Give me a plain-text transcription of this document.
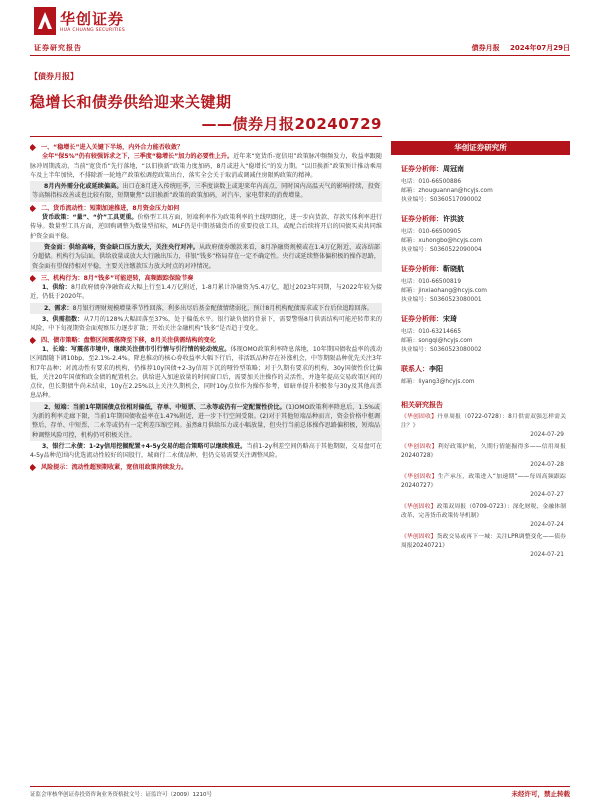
华创证券
HUA CHUANG SECURITIES
证券研究报告	债券月报 2024年07月29日
【债券月报】
稳增长和债券供给迎来关键期
——债券月报20240729
一、“稳增长”进入关键下半场，内外合力能否收敛？
全年“保5%”仍有较强诉求之下，三季度“稳增长”加力的必要性上升。近年来“宽货币-宽信用”政策脉冲频频发力，收益率跟随脉冲周期波动，当前“宽货币”先行落地，“以旧换新”政策力度加码，8月或进入“稳增长”的发力期。“以旧换新”政策预计推动乘用车及上半年加快，不排除新一轮地产政策松调控政策出台，落实全会关于取消或调减住房限购政策的精神。
8月内外需分化或延续偏高。出口在8月进入传统旺季，三季度读数上或迎来年内高点，同时国内高温天气的影响持续，投资等高频指标改善或也比较有限，短期聚焦“以旧换新”政策的政策加码，对汽车、家电带来的消费增量。
二、货币流动性：短期加速推进，8月资金压力如何
货币政策：“量”、“价”工具更重。价格型工具方面，短端利率作为政策利率的主线明朗化，进一步向货款、存款实体利率进行传导。数量型工具方面，逆回购调整为数量型招标，MLF仍是中期基础货币的重要投放工具，或配合后续将开启的国债买卖共同维护资金面平稳。
资金面：供给高峰，资金缺口压力放大，关注央行对冲。从政府债券缴款来看，8月净融资规模或在1.4万亿附近，或冻结部分超储。机构行为层面，供给放量或放大大行融出压力，非银“钱多”格局存在一定不确定性。央行或延续整体偏积极的操作思路，资金面有望保持相对平稳，主要关注缴款压力放大时点的对冲情况。
三、机构行为：8月“钱多”可能逆转，高频跟踪保险节奏
1、供给：8月政府债券净融资或大幅上行至1.4万亿附近，1-8月累计净融资为5.4万亿，超过2023年同期，与2022年较为接近，仍低于2020年。
2、需求：8月银行理财规模增量季节性回落，利多出尽后基金配债情绪弱化，预计8月机构配债需求或下台后位追踪回落。
3、供需指数：从7月的128%大幅回落至37%，处于偏低水平。银行缺负债的背景下，需要警惕8月供需结构可能逆转带来的风险，中下旬视期资金面观察压力逐步扩散；开始关注金融机构“钱多”是否趋于变化。
四、债市策略：盘整区间震荡降至下移，8月关注供需结构的变化
1、长端：写震荡市境中，继续关注债市引行情与引行情的轮动效应。体现OMO政策利率降息落地，10年期国债收益率的波动区间跟随下调10bp，至2.1%-2.4%。降息推动的核心券收益率大幅下行后，非活跃品种存在补涨机会，中等期限品种优先关注3年和7年品种；对流动性有要求的机构，仍推荐10y国债+2-3y信用下沉的哑铃型策略；对于久期有要求的机构，30y国债性价比偏低，关注20年国债和政金债的配置机会。供给进入加速放量的时间窗口后，需要加关注操作的灵活性，并逢年提高交易政策区间的点位，但长期债牛尚未结束，10y在2.25%以上关注久期机会，同时10y点位作为操作参考，如暗单提升积极参与30y及其他高票息品种。
2、短端：当前1年期国债点位相对偏低，存单、中短票、二永等或仍有一定配置性价比。(1)OMO政策利率降息后，1.5%或为新的利率走廊下限，当前1年期国债收益率在1.47%附近，进一步下行空间受限。(2)对于其他短端品种而言，资金价格中枢调整后，存单、中短票、二永等或仍有一定利差压缩空间。虽然8月供给压力或小幅放量，但央行当前总体操作思路偏积极，短端品种调整风险可控，机构仍可积极关注。
3、银行二永债：1-2y信用挖掘配置+4-5y交易的组合策略可以继续推进。当前1-2y利差空间仍略高于其他期限，交易盘可在4-5y品种范围内优选流动性较好的国股行，城商行二永债品种，但仍交易需要关注调整风险。
风险提示： 流动性超预期收紧，宽信用政策持续发力。
华创证券研究所
证券分析师：周冠南
电话：010-66500886
邮箱：zhouguannan@hcyjs.com
执业编号：S0360517090002
证券分析师：许洪波
电话：010-66500905
邮箱：xuhongbo@hcyjs.com
执业编号：S0360522090004
证券分析师：靳晓航
电话：010-66500819
邮箱：jinxiaohang@hcyjs.com
执业编号：S0360523080001
证券分析师：宋琦
电话：010-63214665
邮箱：songqi@hcyjs.com
执业编号：S0360523080002
联系人：李阳
邮箱：liyang3@hcyjs.com
相关研究报告
《华创固收】丹单周报（0722-0728）：8月供需双强怎样需关注？》
2024-07-29
《华创固收】利好政策护航，久期行情能掘得多——信用周报20240728》
2024-07-28
《华创固收】生产承压，政策进入“加速期”——每周高频跟踪20240727》
2024-07-27
《华创固收】政策双周报（0709-0723）：深化财税、金融体制改革，完善货币政策传导机制》
2024-07-24
《华创固收】货政交易或再下一城：关注LPR调整变化——债券周报20240721》
2024-07-21
证监会审核华创证券投资咨询业务资格批文号：证监许可（2009）1210号	未经许可，禁止转载
